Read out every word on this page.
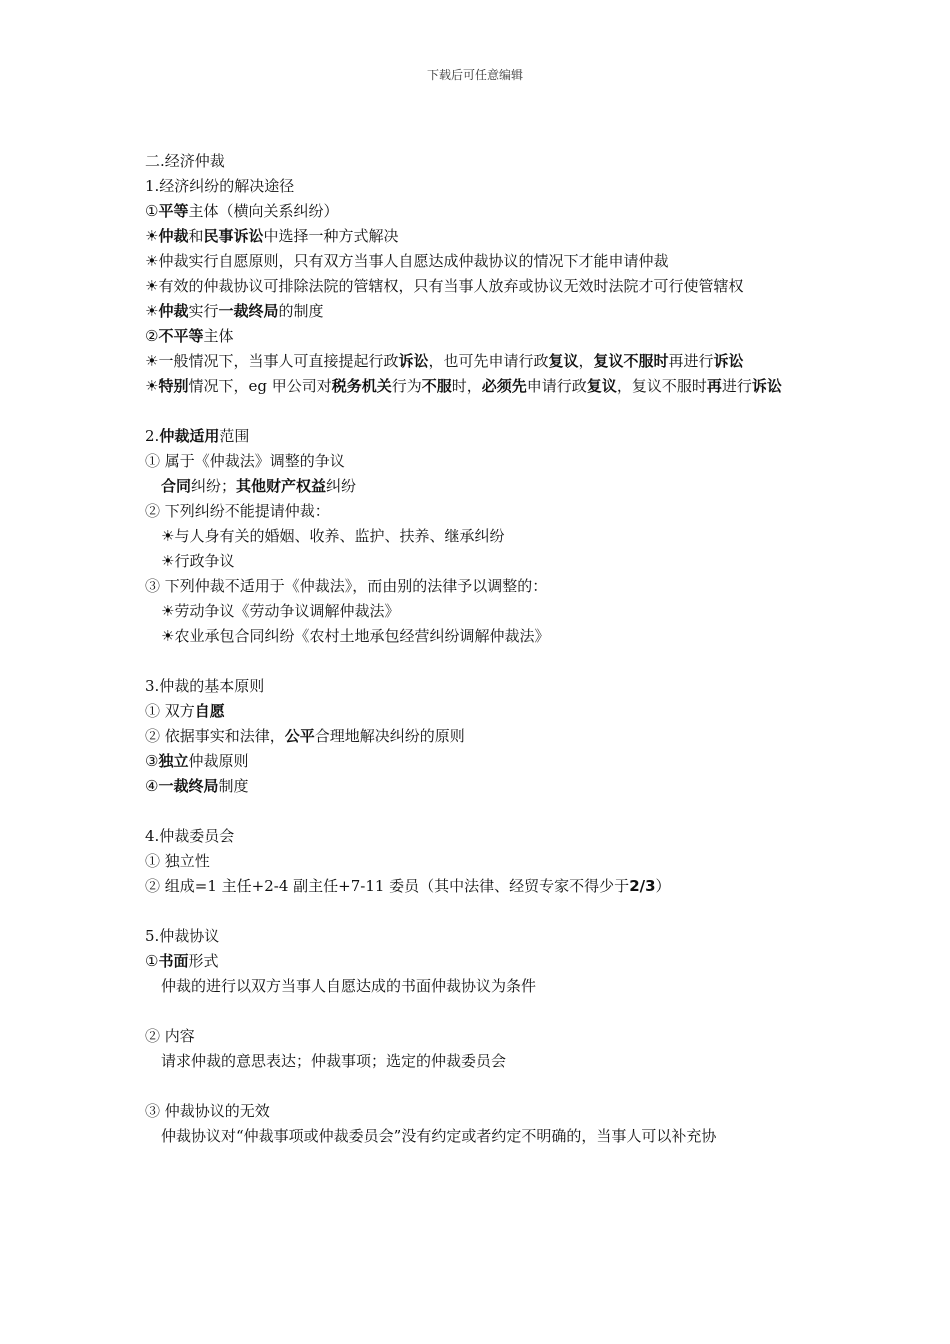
下载后可任意编辑
二.经济仲裁
1.经济纠纷的解决途径
①平等主体（横向关系纠纷）
☀仲裁和民事诉讼中选择一种方式解决
☀仲裁实行自愿原则，只有双方当事人自愿达成仲裁协议的情况下才能申请仲裁
☀有效的仲裁协议可排除法院的管辖权，只有当事人放弃或协议无效时法院才可行使管辖权
☀仲裁实行一裁终局的制度
②不平等主体
☀一般情况下，当事人可直接提起行政诉讼，也可先申请行政复议，复议不服时再进行诉讼
☀特别情况下，eg 甲公司对税务机关行为不服时，必须先申请行政复议，复议不服时再进行诉讼
2.仲裁适用范围
① 属于《仲裁法》调整的争议
合同纠纷；其他财产权益纠纷
② 下列纠纷不能提请仲裁：
☀与人身有关的婚姻、收养、监护、扶养、继承纠纷
☀行政争议
③ 下列仲裁不适用于《仲裁法》，而由别的法律予以调整的：
☀劳动争议《劳动争议调解仲裁法》
☀农业承包合同纠纷《农村土地承包经营纠纷调解仲裁法》
3.仲裁的基本原则
① 双方自愿
② 依据事实和法律，公平合理地解决纠纷的原则
③独立仲裁原则
④一裁终局制度
4.仲裁委员会
① 独立性
② 组成=1 主任+2-4 副主任+7-11 委员（其中法律、经贸专家不得少于2/3）
5.仲裁协议
①书面形式
仲裁的进行以双方当事人自愿达成的书面仲裁协议为条件
② 内容
请求仲裁的意思表达；仲裁事项；选定的仲裁委员会
③ 仲裁协议的无效
仲裁协议对“仲裁事项或仲裁委员会”没有约定或者约定不明确的，当事人可以补充协
